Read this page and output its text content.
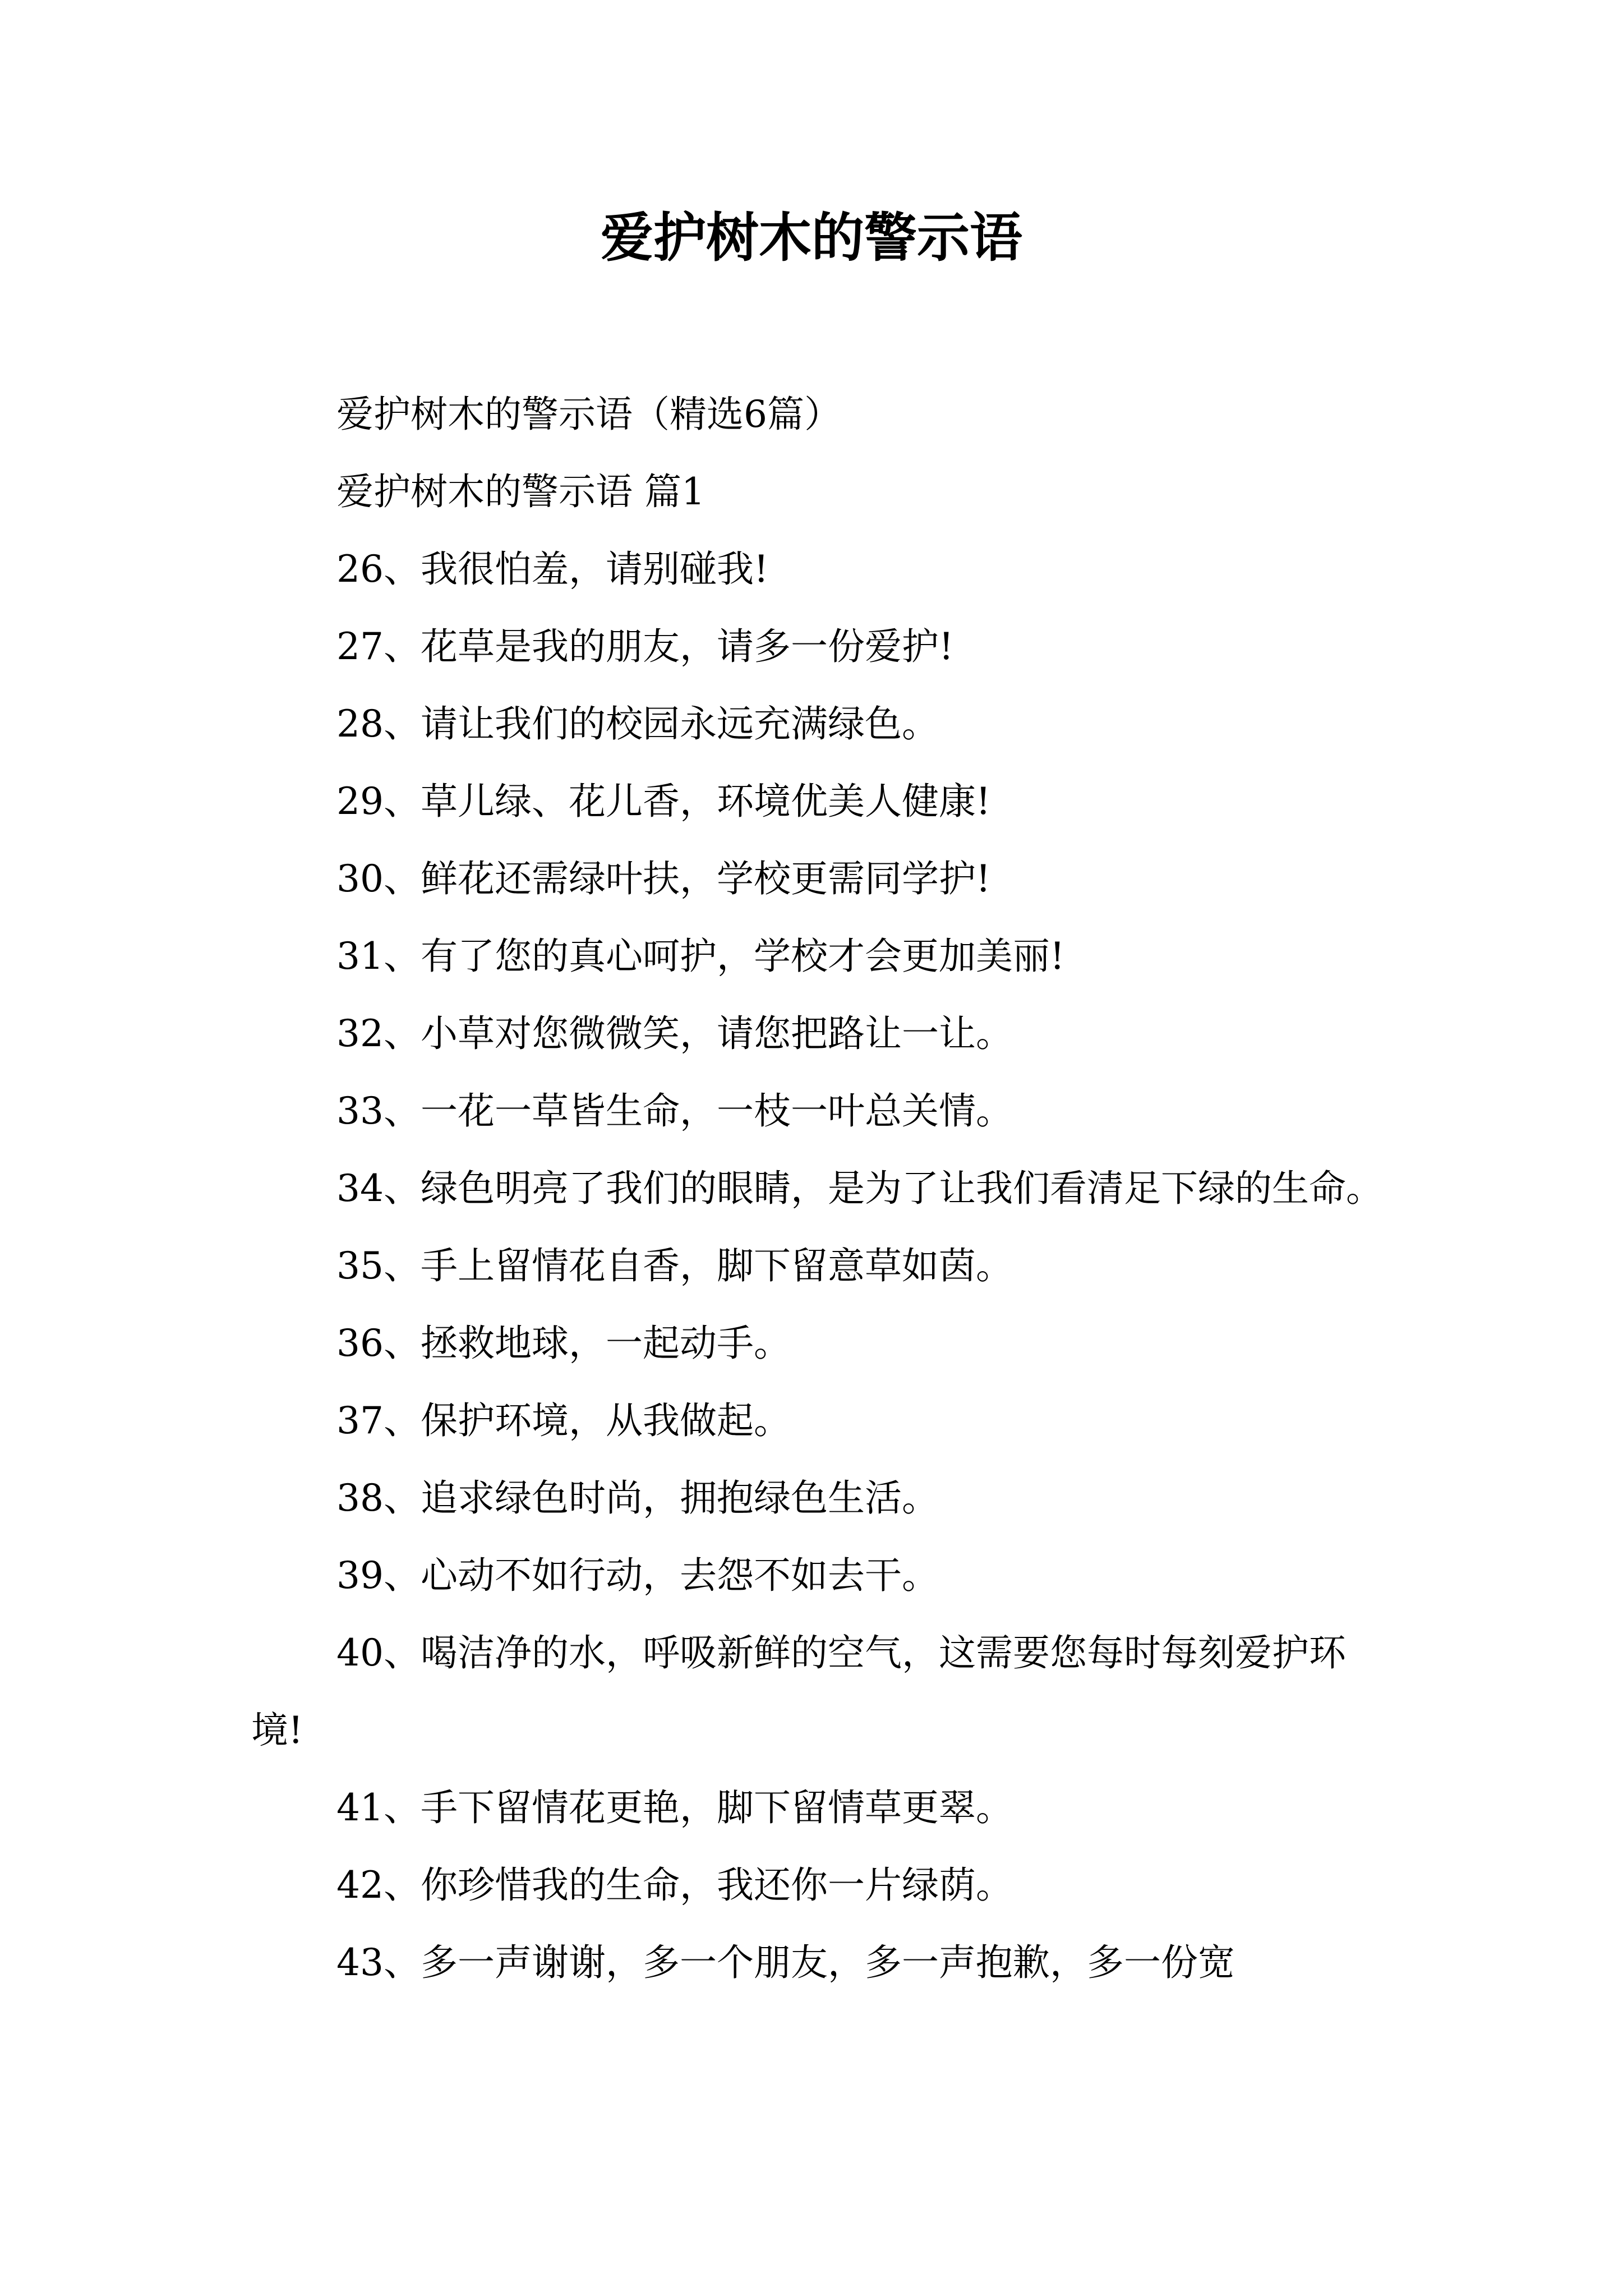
爱护树木的警示语

爱护树木的警示语（精选6篇）

爱护树木的警示语 篇1

26、我很怕羞，请别碰我!

27、花草是我的朋友，请多一份爱护!

28、请让我们的校园永远充满绿色。

29、草儿绿、花儿香，环境优美人健康!

30、鲜花还需绿叶扶，学校更需同学护!

31、有了您的真心呵护，学校才会更加美丽!

32、小草对您微微笑，请您把路让一让。

33、一花一草皆生命，一枝一叶总关情。

34、绿色明亮了我们的眼睛，是为了让我们看清足下绿的生命。

35、手上留情花自香，脚下留意草如茵。

36、拯救地球，一起动手。

37、保护环境，从我做起。

38、追求绿色时尚，拥抱绿色生活。

39、心动不如行动，去怨不如去干。

40、喝洁净的水，呼吸新鲜的空气，这需要您每时每刻爱护环境!

41、手下留情花更艳，脚下留情草更翠。

42、你珍惜我的生命，我还你一片绿荫。

43、多一声谢谢，多一个朋友，多一声抱歉，多一份宽
